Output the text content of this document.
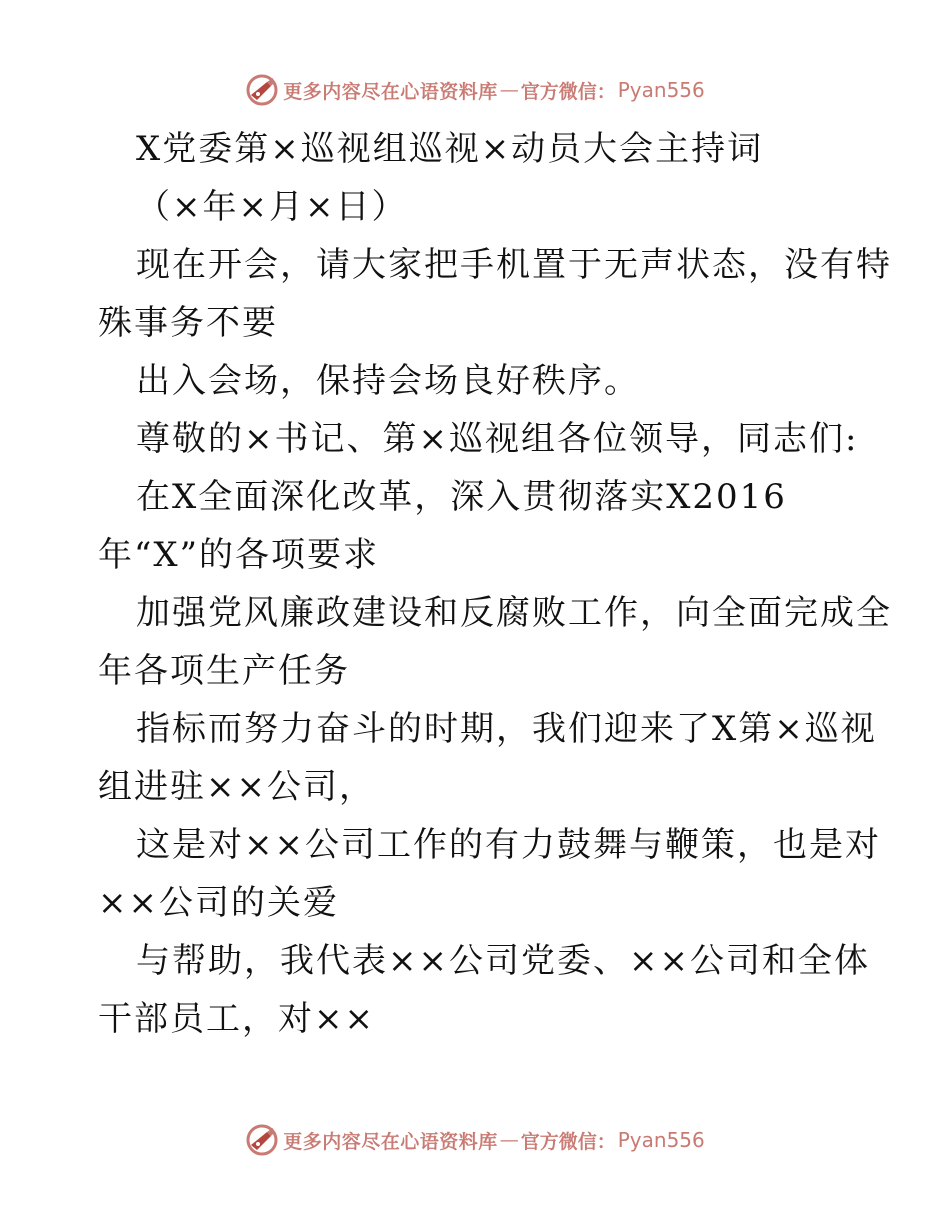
更多内容尽在心语资料库 — 官方微信： Pyan556
X党委第×巡视组巡视×动员大会主持词
（×年×月×日）
现在开会，请大家把手机置于无声状态，没有特
殊事务不要
出入会场，保持会场良好秩序。
尊敬的×书记、第×巡视组各位领导，同志们:
在X全面深化改革，深入贯彻落实X2016
年“X”的各项要求
加强党风廉政建设和反腐败工作，向全面完成全
年各项生产任务
指标而努力奋斗的时期，我们迎来了X第×巡视
组进驻××公司，
这是对××公司工作的有力鼓舞与鞭策，也是对
××公司的关爱
与帮助，我代表××公司党委、××公司和全体
干部员工，对××
更多内容尽在心语资料库 — 官方微信： Pyan556
